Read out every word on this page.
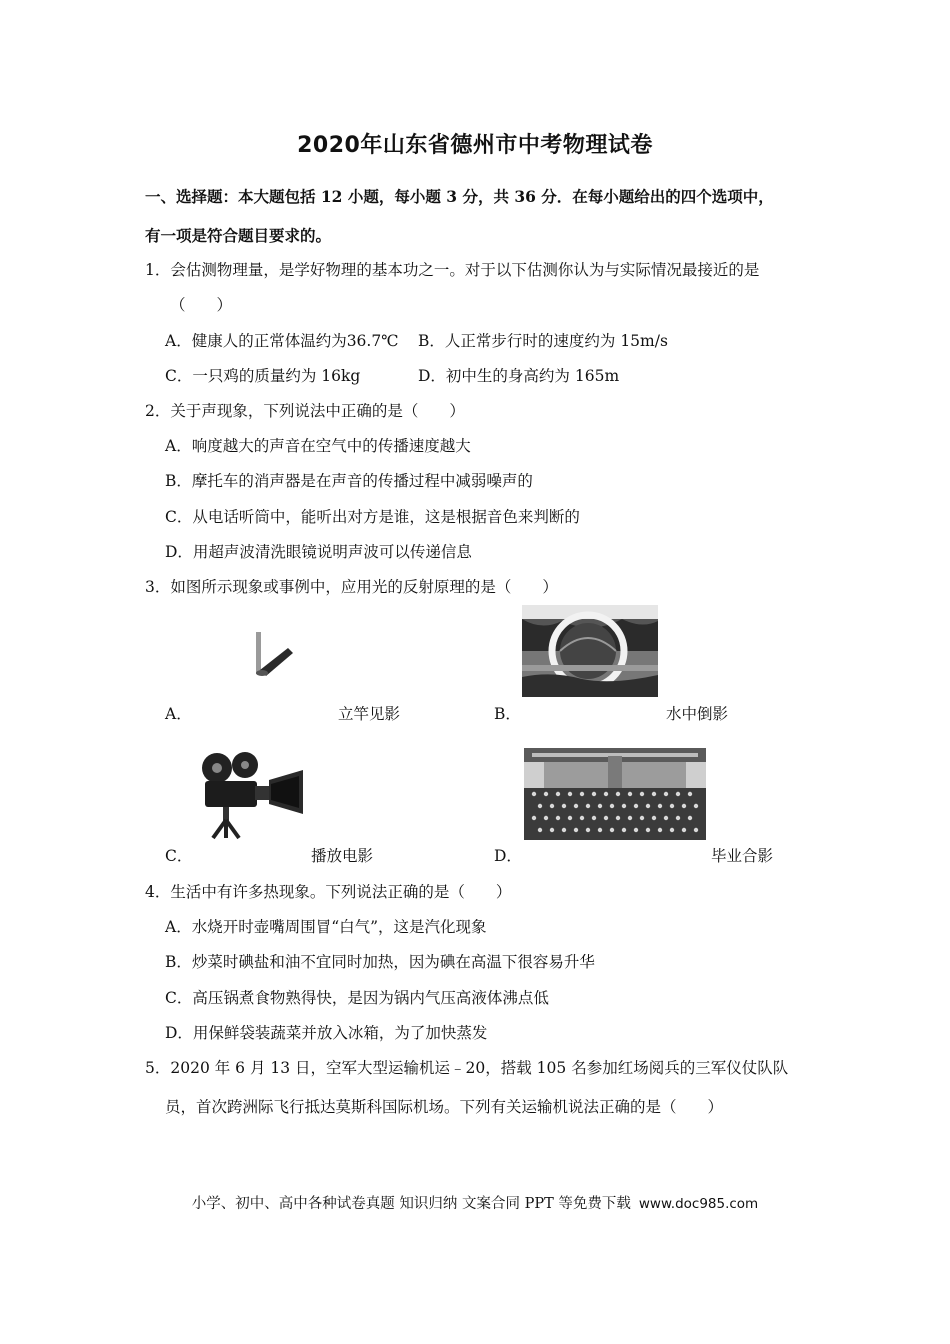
2020年山东省德州市中考物理试卷
一、选择题：本大题包括 12 小题，每小题 3 分，共 36 分．在每小题给出的四个选项中，
有一项是符合题目要求的。
1．会估测物理量，是学好物理的基本功之一。对于以下估测你认为与实际情况最接近的是
（　　）
A．健康人的正常体温约为36.7℃ B．人正常步行时的速度约为 15m/s
C．一只鸡的质量约为 16kg	D．初中生的身高约为 165m
2．关于声现象，下列说法中正确的是（　　）
A．响度越大的声音在空气中的传播速度越大
B．摩托车的消声器是在声音的传播过程中减弱噪声的
C．从电话听筒中，能听出对方是谁，这是根据音色来判断的
D．用超声波清洗眼镜说明声波可以传递信息
3．如图所示现象或事例中，应用光的反射原理的是（　　）
A．	立竿见影	B．	水中倒影
C．	播放电影	D．	毕业合影
4．生活中有许多热现象。下列说法正确的是（　　）
A．水烧开时壶嘴周围冒“白气”，这是汽化现象
B．炒菜时碘盐和油不宜同时加热，因为碘在高温下很容易升华
C．高压锅煮食物熟得快，是因为锅内气压高液体沸点低
D．用保鲜袋装蔬菜并放入冰箱，为了加快蒸发
5．2020 年 6 月 13 日，空军大型运输机运﹣20，搭载 105 名参加红场阅兵的三军仪仗队队
员，首次跨洲际飞行抵达莫斯科国际机场。下列有关运输机说法正确的是（　　）
小学、初中、高中各种试卷真题 知识归纳 文案合同 PPT 等免费下载 www.doc985.com
